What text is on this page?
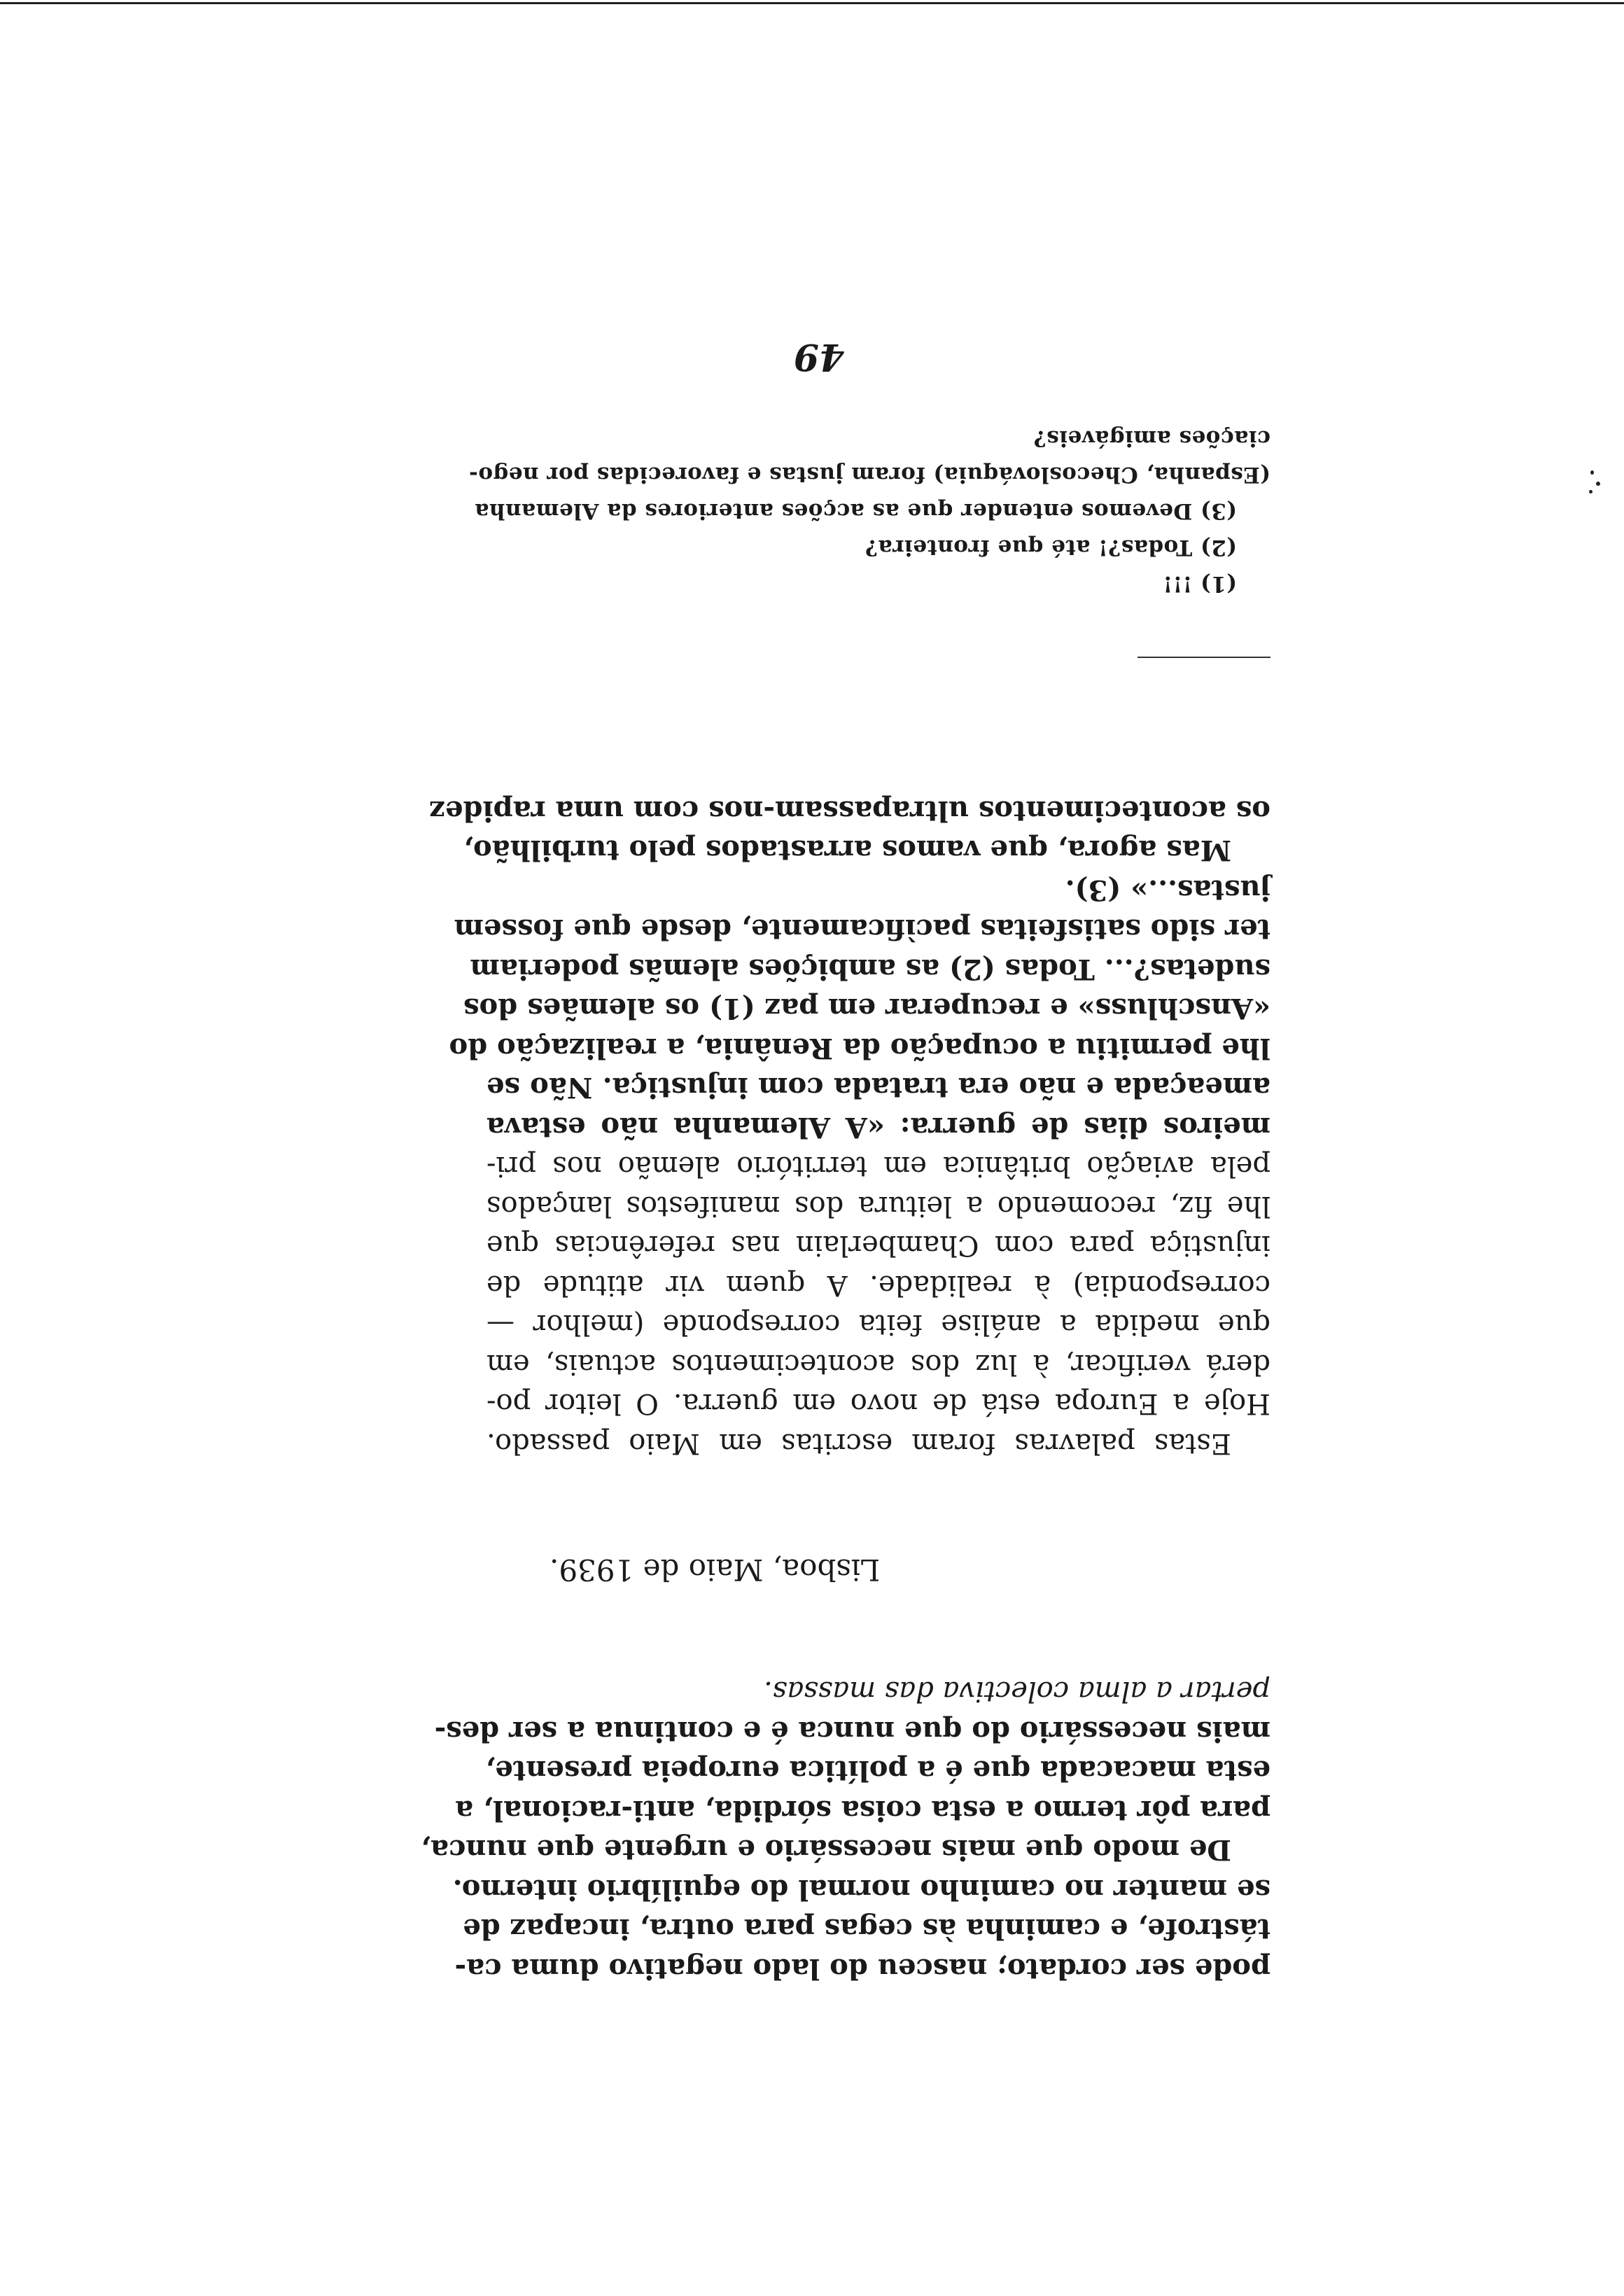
pode ser cordato; nasceu do lado negativo duma ca-
tástrofe, e caminha às cegas para outra, incapaz de
se manter no caminho normal do equilíbrio interno.

De modo que mais necessário e urgente que nunca,
para pôr termo a esta coisa sórdida, anti-racional, a
esta macacada que é a política europeia presente,
mais necessário do que nunca é e continua a ser des-
pertar a alma colectiva das massas.

Lisboa, Maio de 1939.

Estas palavras foram escritas em Maio passado.
Hoje a Europa está de novo em guerra. O leitor po-
derá verificar, à luz dos acontecimentos actuais, em
que medida a análise feita corresponde (melhor —
correspondia) à realidade. A quem vir atitude de
injustiça para com Chamberlain nas referências que
lhe fiz, recomendo a leitura dos manifestos lançados
pela aviação britânica em território alemão nos pri-
meiros dias de guerra: «A Alemanha não estava
ameaçada e não era tratada com injustiça. Não se
lhe permitiu a ocupação da Renânia, a realização do
«Anschluss» e recuperar em paz (1) os alemães dos
sudetas?... Todas (2) as ambições alemãs poderiam
ter sido satisfeitas pacìficamente, desde que fossem
justas...» (3).

Mas agora, que vamos arrastados pelo turbilhão,
os acontecimentos ultrapassam-nos com uma rapidez

(1) !!!
(2) Todas?! até que fronteira?
(3) Devemos entender que as acções anteriores da Alemanha
(Espanha, Checoslováquia) foram justas e favorecidas por nego-
ciações amigáveis?
49
